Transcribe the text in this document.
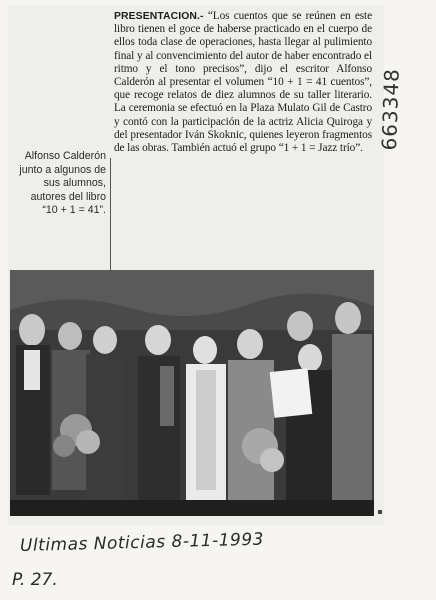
PRESENTACION.- “Los cuentos que se reúnen en este libro tienen el goce de haberse practicado en el cuerpo de ellos toda clase de operaciones, hasta llegar al pulimiento final y al convencimiento del autor de haber encontrado el ritmo y el tono precisos”, dijo el escritor Alfonso Calderón al presentar el volumen “10 + 1 = 41 cuentos”, que recoge relatos de diez alumnos de su taller literario. La ceremonia se efectuó en la Plaza Mulato Gil de Castro y contó con la participación de la actriz Alicia Quiroga y del presentador Iván Skoknic, quienes leyeron fragmentos de las obras. También actuó el grupo “1 + 1 = Jazz trío”.
Alfonso Calderón junto a algunos de sus alumnos, autores del libro “10 + 1 = 41”.
663348
Ultimas Noticias 8-11-1993
P. 27.
